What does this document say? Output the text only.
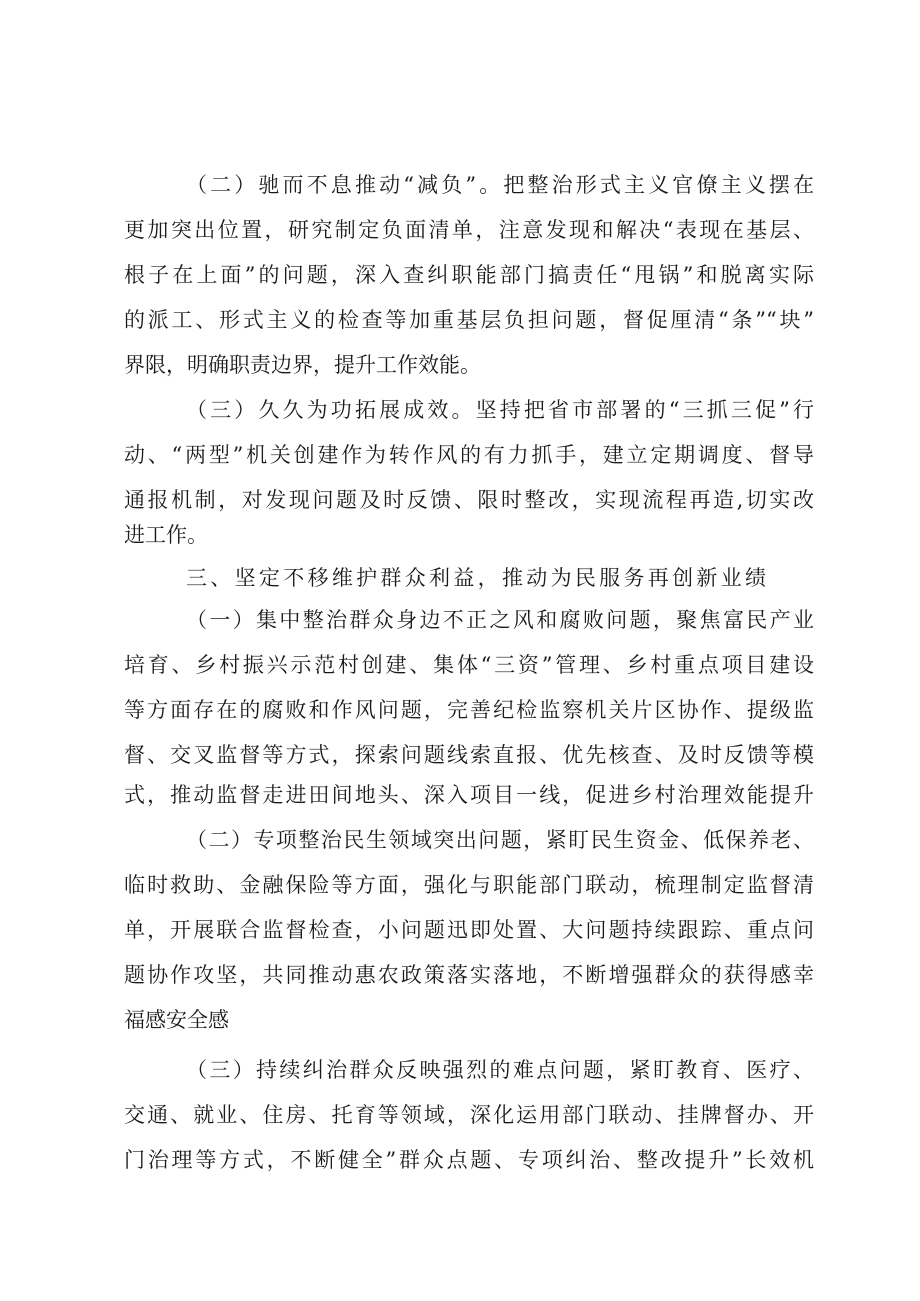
（二）驰而不息推动“减负”。把整治形式主义官僚主义摆在
更加突出位置，研究制定负面清单，注意发现和解决“表现在基层、
根子在上面”的问题，深入查纠职能部门搞责任“甩锅”和脱离实际
的派工、形式主义的检查等加重基层负担问题，督促厘清“条”“块”
界限，明确职责边界，提升工作效能。
（三）久久为功拓展成效。坚持把省市部署的“三抓三促”行
动、“两型”机关创建作为转作风的有力抓手，建立定期调度、督导
通报机制，对发现问题及时反馈、限时整改，实现流程再造,切实改
进工作。
三、坚定不移维护群众利益，推动为民服务再创新业绩
（一）集中整治群众身边不正之风和腐败问题，聚焦富民产业
培育、乡村振兴示范村创建、集体“三资”管理、乡村重点项目建设
等方面存在的腐败和作风问题，完善纪检监察机关片区协作、提级监
督、交叉监督等方式，探索问题线索直报、优先核查、及时反馈等模
式，推动监督走进田间地头、深入项目一线，促进乡村治理效能提升
（二）专项整治民生领域突出问题，紧盯民生资金、低保养老、
临时救助、金融保险等方面，强化与职能部门联动，梳理制定监督清
单，开展联合监督检查，小问题迅即处置、大问题持续跟踪、重点问
题协作攻坚，共同推动惠农政策落实落地，不断增强群众的获得感幸
福感安全感
（三）持续纠治群众反映强烈的难点问题，紧盯教育、医疗、
交通、就业、住房、托育等领域，深化运用部门联动、挂牌督办、开
门治理等方式，不断健全”群众点题、专项纠治、整改提升”长效机
